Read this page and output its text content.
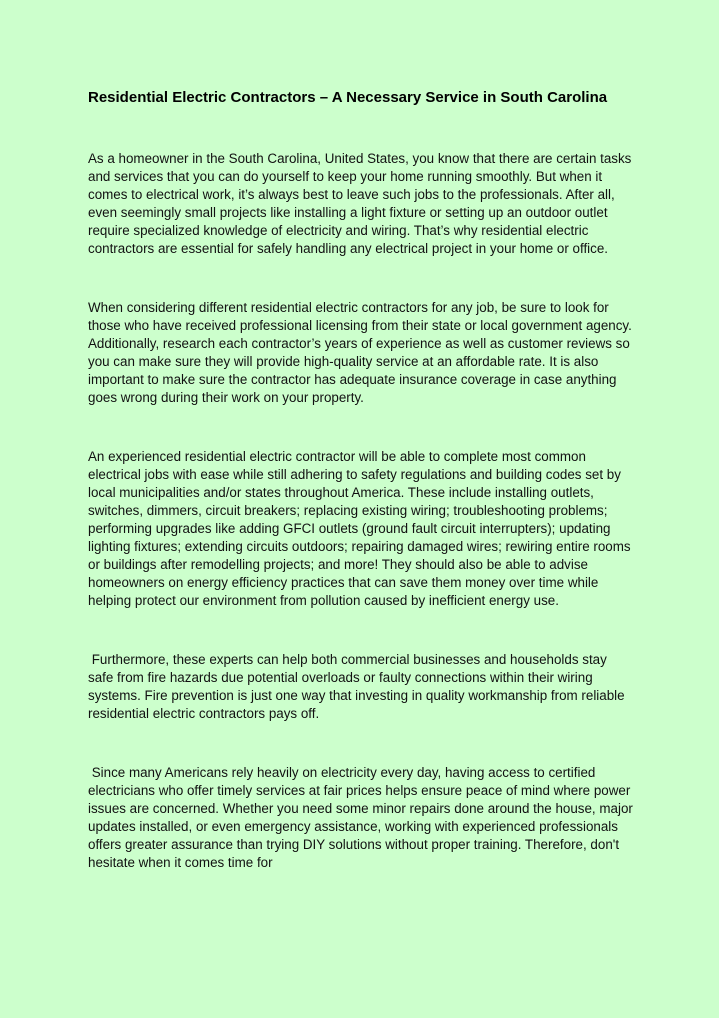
Residential Electric Contractors – A Necessary Service in South Carolina

As a homeowner in the South Carolina, United States, you know that there are certain tasks and services that you can do yourself to keep your home running smoothly. But when it comes to electrical work, it’s always best to leave such jobs to the professionals. After all, even seemingly small projects like installing a light fixture or setting up an outdoor outlet require specialized knowledge of electricity and wiring. That’s why residential electric contractors are essential for safely handling any electrical project in your home or office.

When considering different residential electric contractors for any job, be sure to look for those who have received professional licensing from their state or local government agency. Additionally, research each contractor’s years of experience as well as customer reviews so you can make sure they will provide high-quality service at an affordable rate. It is also important to make sure the contractor has adequate insurance coverage in case anything goes wrong during their work on your property.

An experienced residential electric contractor will be able to complete most common electrical jobs with ease while still adhering to safety regulations and building codes set by local municipalities and/or states throughout America. These include installing outlets, switches, dimmers, circuit breakers; replacing existing wiring; troubleshooting problems; performing upgrades like adding GFCI outlets (ground fault circuit interrupters); updating lighting fixtures; extending circuits outdoors; repairing damaged wires; rewiring entire rooms or buildings after remodelling projects; and more! They should also be able to advise homeowners on energy efficiency practices that can save them money over time while helping protect our environment from pollution caused by inefficient energy use.

Furthermore, these experts can help both commercial businesses and households stay safe from fire hazards due potential overloads or faulty connections within their wiring systems. Fire prevention is just one way that investing in quality workmanship from reliable residential electric contractors pays off.

Since many Americans rely heavily on electricity every day, having access to certified electricians who offer timely services at fair prices helps ensure peace of mind where power issues are concerned. Whether you need some minor repairs done around the house, major updates installed, or even emergency assistance, working with experienced professionals offers greater assurance than trying DIY solutions without proper training. Therefore, don't hesitate when it comes time for
